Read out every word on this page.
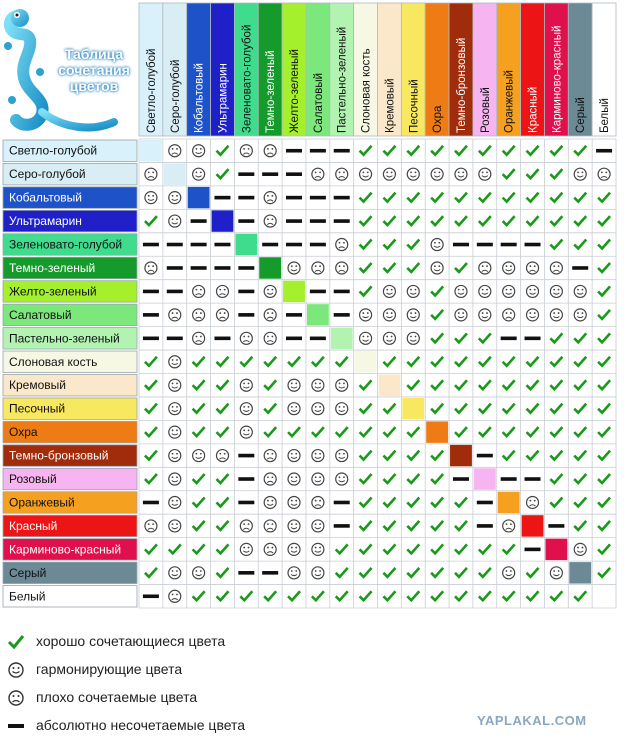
Таблица сочетания цветов	Светло-голубой Серо-голубой Кобальтовый Ультрамарин Зеленовато-голубой Темно-зеленый Желто-зеленый Салатовый Пастельно-зеленый Слоновая кость Кремовый Песочный Охра Темно-бронзовый Розовый Оранжевый Красный Карминово-красный Серый Белый
Светло-голубой
Серо-голубой
Кобальтовый
Ультрамарин
Зеленовато-голубой
Темно-зеленый
Желто-зеленый
Салатовый
Пастельно-зеленый
Слоновая кость
Кремовый
Песочный
Охра
Темно-бронзовый
Розовый
Оранжевый
Красный
Карминово-красный
Серый
Белый
хорошо сочетающиеся цвета
гармонирующие цвета
плохо сочетаемые цвета
абсолютно несочетаемые цвета	YAPLAKAL.COM
